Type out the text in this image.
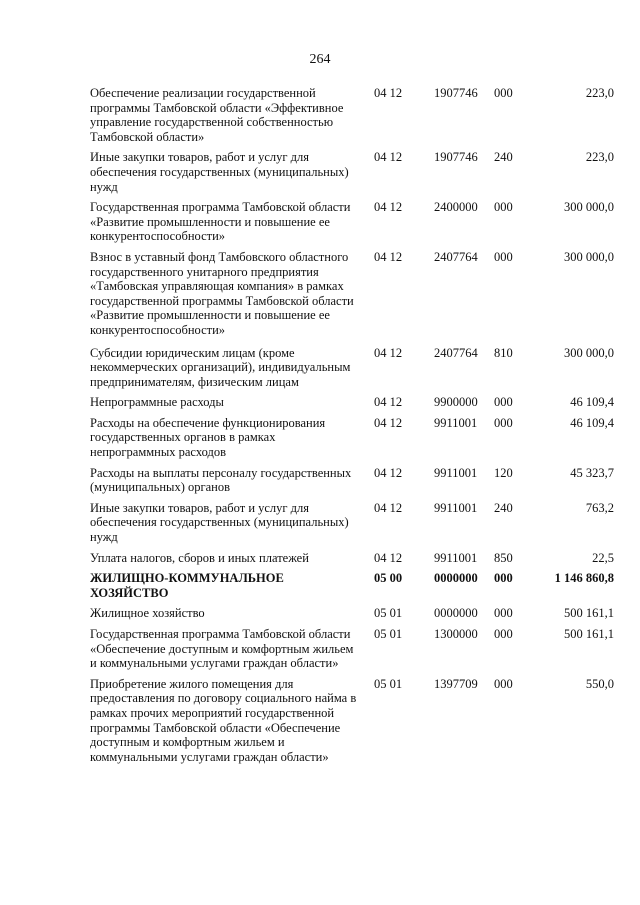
264
Обеспечение реализации государственной программы Тамбовской области «Эффективное управление государственной собственностью Тамбовской области»	04 12	1907746	000	223,0
Иные закупки товаров, работ и услуг для обеспечения государственных (муниципальных) нужд	04 12	1907746	240	223,0
Государственная программа Тамбовской области «Развитие промышленности и повышение ее конкурентоспособности»	04 12	2400000	000	300 000,0
Взнос в уставный фонд Тамбовского областного государственного унитарного предприятия «Тамбовская управляющая компания» в рамках государственной программы Тамбовской области «Развитие промышленности и повышение ее конкурентоспособности»	04 12	2407764	000	300 000,0
Субсидии юридическим лицам (кроме некоммерческих организаций), индивидуальным предпринимателям, физическим лицам	04 12	2407764	810	300 000,0
Непрограммные расходы	04 12	9900000	000	46 109,4
Расходы на обеспечение функционирования государственных органов в рамках непрограммных расходов	04 12	9911001	000	46 109,4
Расходы на выплаты персоналу государственных (муниципальных) органов	04 12	9911001	120	45 323,7
Иные закупки товаров, работ и услуг для обеспечения государственных (муниципальных) нужд	04 12	9911001	240	763,2
Уплата налогов, сборов и иных платежей	04 12	9911001	850	22,5
ЖИЛИЩНО-КОММУНАЛЬНОЕ ХОЗЯЙСТВО	05 00	0000000	000	1 146 860,8
Жилищное хозяйство	05 01	0000000	000	500 161,1
Государственная программа Тамбовской области «Обеспечение доступным и комфортным жильем и коммунальными услугами граждан области»	05 01	1300000	000	500 161,1
Приобретение жилого помещения для предоставления по договору социального найма в рамках прочих мероприятий государственной программы Тамбовской области «Обеспечение доступным и комфортным жильем и коммунальными услугами граждан области»	05 01	1397709	000	550,0
